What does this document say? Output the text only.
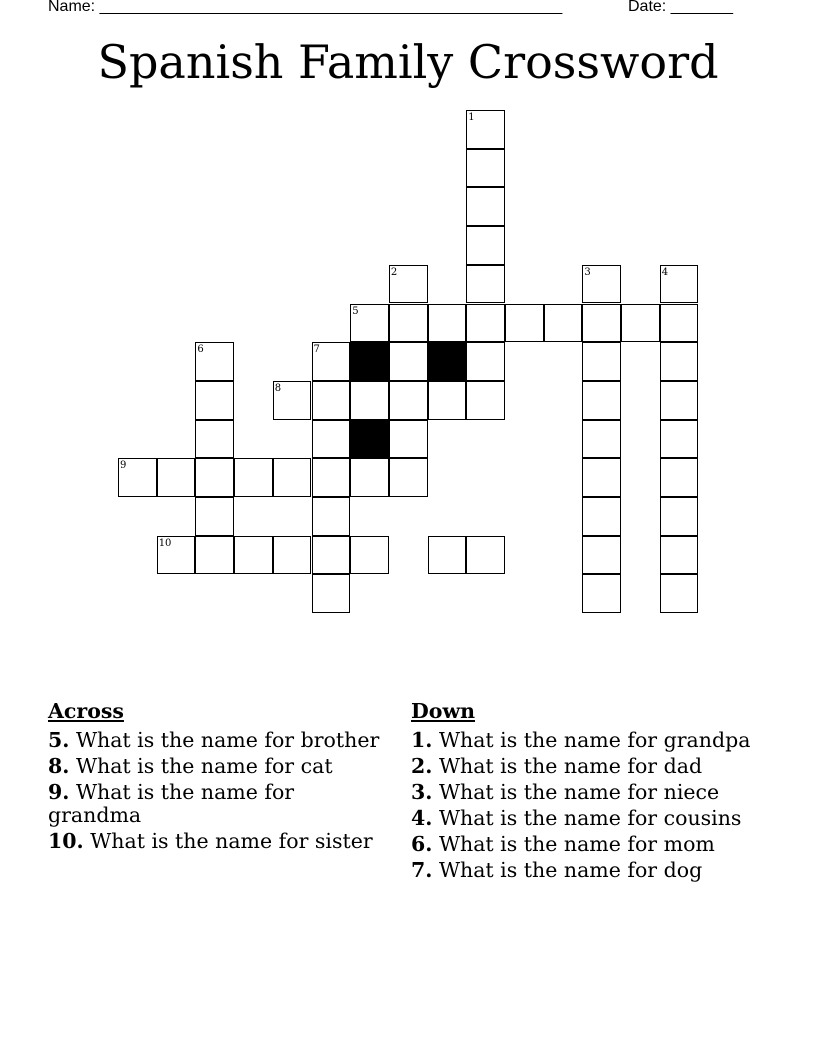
Name: ____________________________________________________	Date: _______
Spanish Family Crossword
1
2	3	4
5
6	7
8
9
10
Across
5. What is the name for brother
8. What is the name for cat
9. What is the name for grandma
10. What is the name for sister
Down
1. What is the name for grandpa
2. What is the name for dad
3. What is the name for niece
4. What is the name for cousins
6. What is the name for mom
7. What is the name for dog
